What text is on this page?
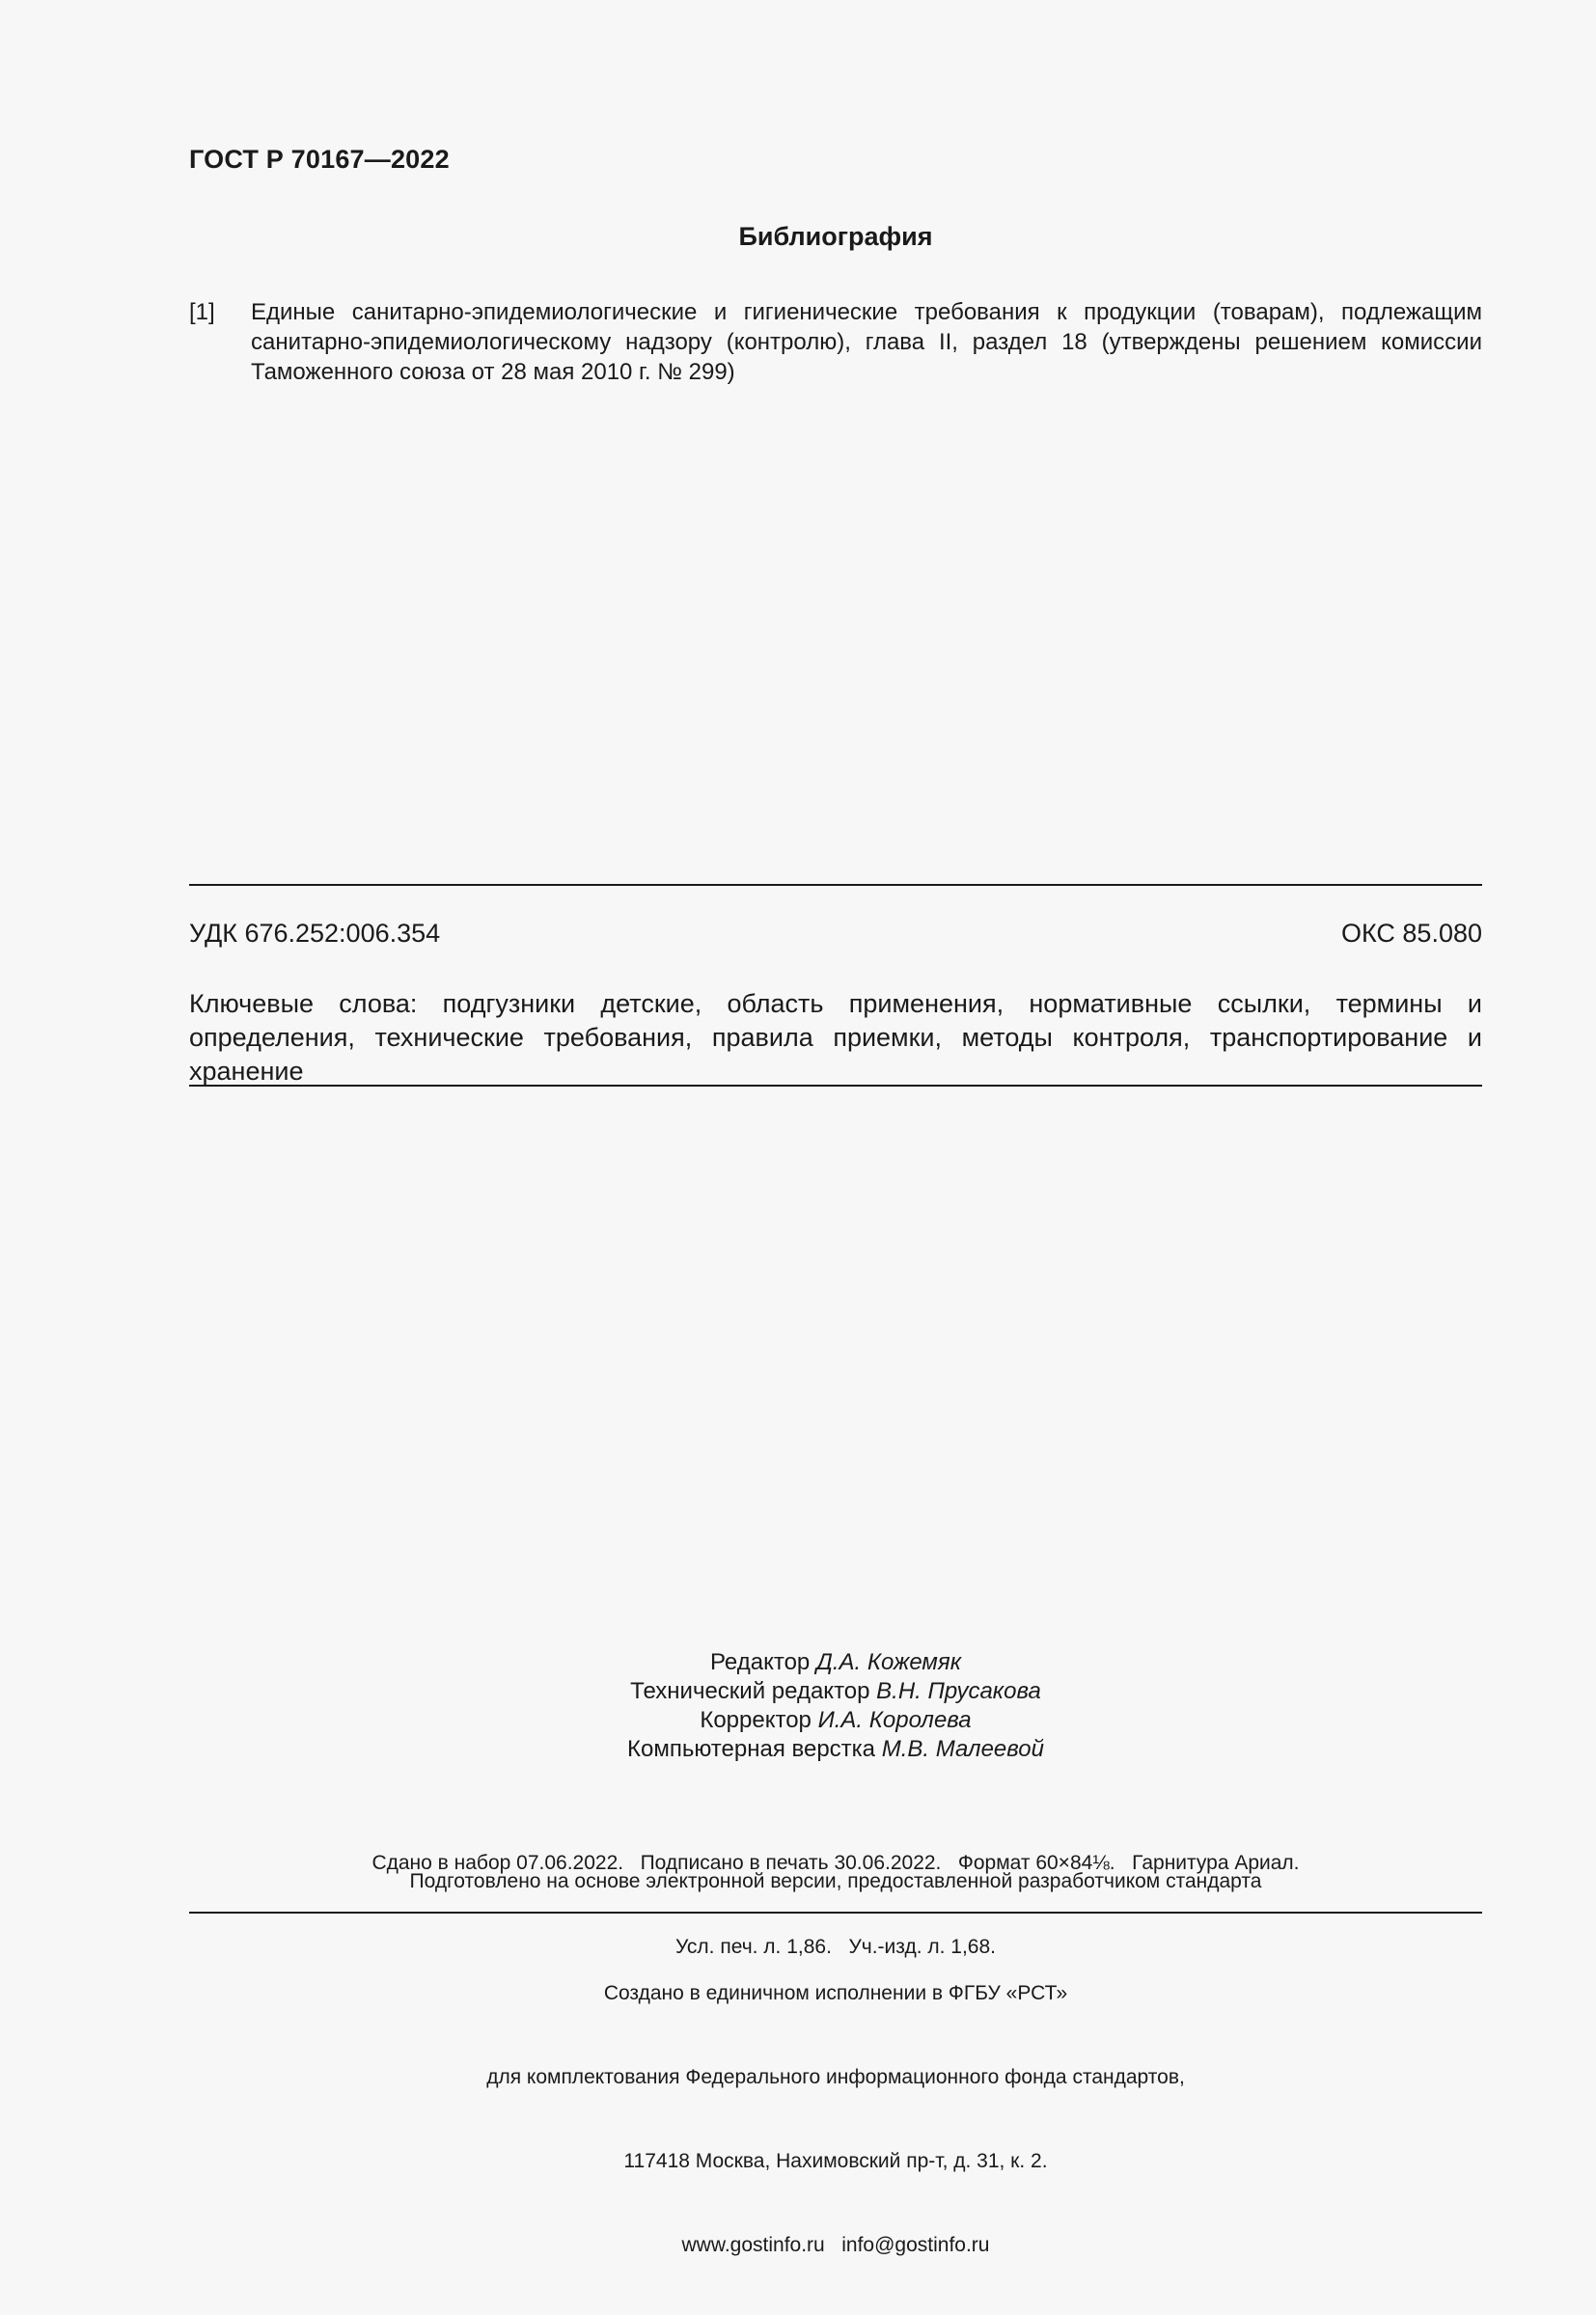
ГОСТ Р 70167—2022
Библиография
[1]	Единые санитарно-эпидемиологические и гигиенические требования к продукции (товарам), подлежащим санитарно-эпидемиологическому надзору (контролю), глава II, раздел 18 (утверждены решением комиссии Таможенного союза от 28 мая 2010 г. № 299)
УДК 676.252:006.354	ОКС 85.080
Ключевые слова: подгузники детские, область применения, нормативные ссылки, термины и определения, технические требования, правила приемки, методы контроля, транспортирование и хранение
Редактор Д.А. Кожемяк
Технический редактор В.Н. Прусакова
Корректор И.А. Королева
Компьютерная верстка М.В. Малеевой

Сдано в набор 07.06.2022.   Подписано в печать 30.06.2022.   Формат 60×84⅛.   Гарнитура Ариал.

Усл. печ. л. 1,86.   Уч.-изд. л. 1,68.

Подготовлено на основе электронной версии, предоставленной разработчиком стандарта

Создано в единичном исполнении в ФГБУ «РСТ»

для комплектования Федерального информационного фонда стандартов,

117418 Москва, Нахимовский пр-т, д. 31, к. 2.

www.gostinfo.ru info@gostinfo.ru
